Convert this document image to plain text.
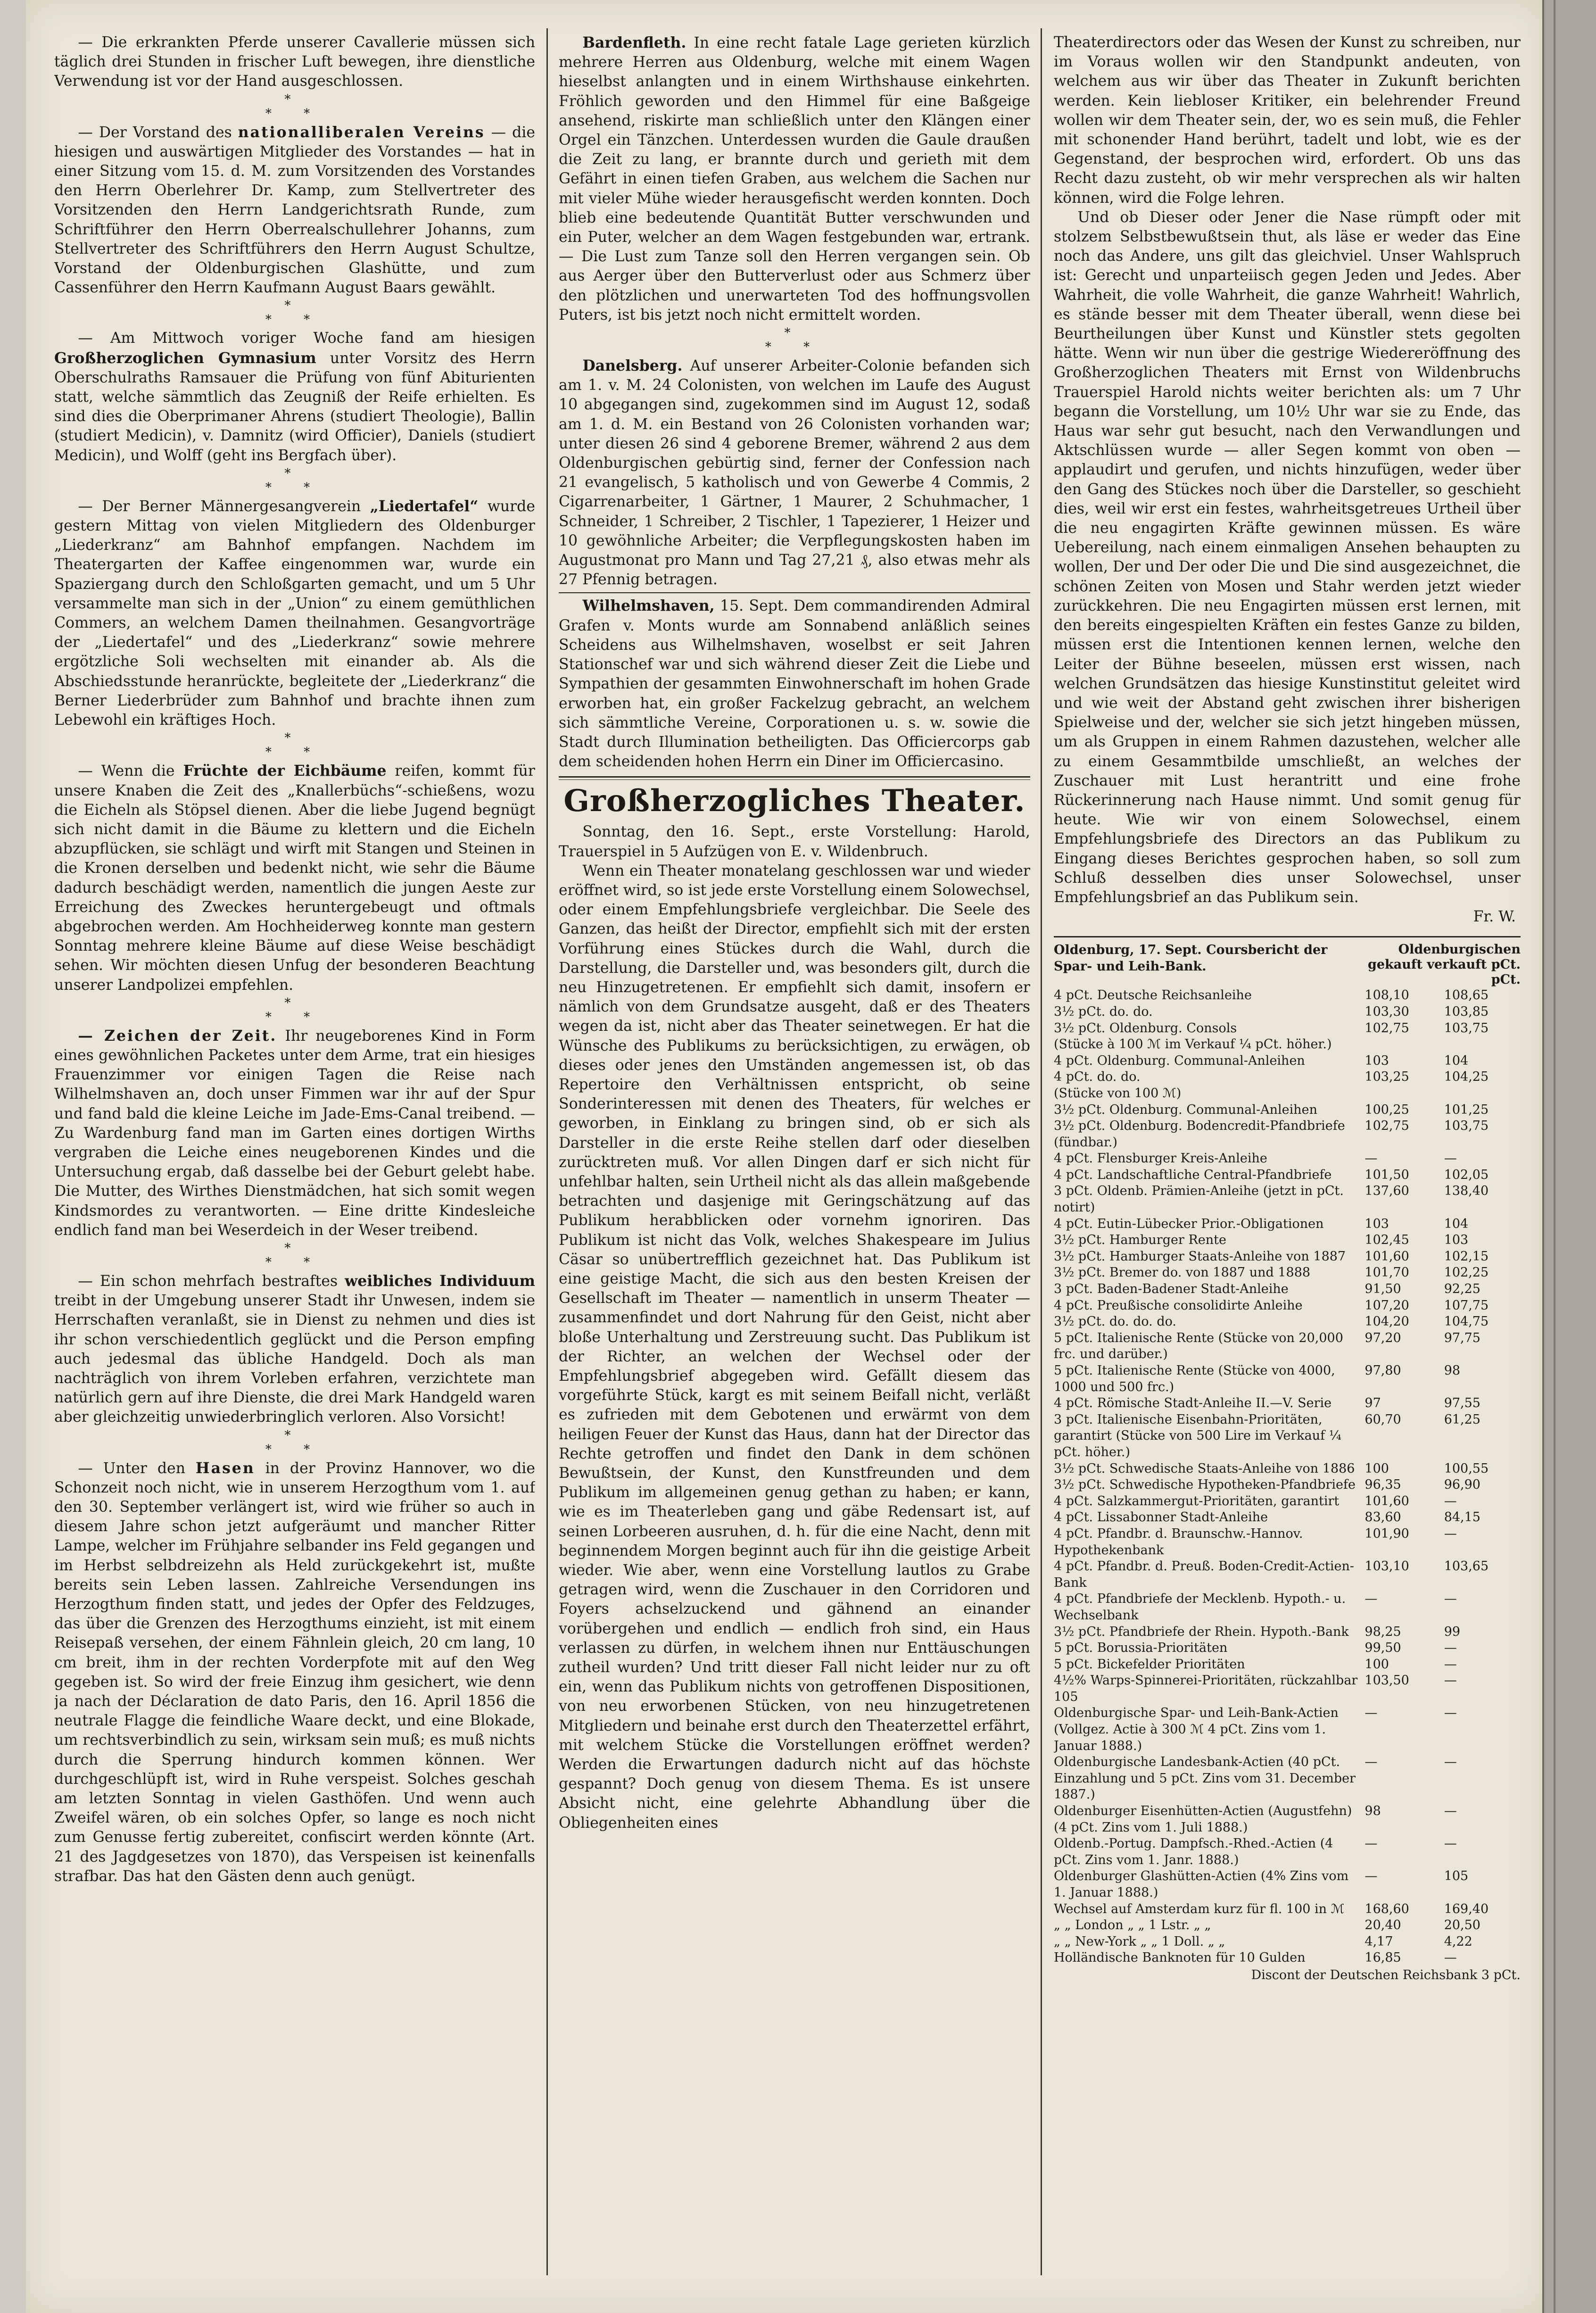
— Die erkrankten Pferde unserer Cavallerie müssen sich täglich drei Stunden in frischer Luft bewegen, ihre dienstliche Verwendung ist vor der Hand ausgeschlossen.

*
* *

— Der Vorstand des nationalliberalen Vereins — die hiesigen und auswärtigen Mitglieder des Vorstandes — hat in einer Sitzung vom 15. d. M. zum Vorsitzenden des Vorstandes den Herrn Oberlehrer Dr. Kamp, zum Stellvertreter des Vorsitzenden den Herrn Landgerichtsrath Runde, zum Schriftführer den Herrn Oberrealschullehrer Johanns, zum Stellvertreter des Schriftführers den Herrn August Schultze, Vorstand der Oldenburgischen Glashütte, und zum Cassenführer den Herrn Kaufmann August Baars gewählt.

*
* *

— Am Mittwoch voriger Woche fand am hiesigen Großherzoglichen Gymnasium unter Vorsitz des Herrn Oberschulraths Ramsauer die Prüfung von fünf Abiturienten statt, welche sämmtlich das Zeugniß der Reife erhielten. Es sind dies die Oberprimaner Ahrens (studiert Theologie), Ballin (studiert Medicin), v. Damnitz (wird Officier), Daniels (studiert Medicin), und Wolff (geht ins Bergfach über).

*
* *

— Der Berner Männergesangverein „Liedertafel“ wurde gestern Mittag von vielen Mitgliedern des Oldenburger „Liederkranz“ am Bahnhof empfangen. Nachdem im Theatergarten der Kaffee eingenommen war, wurde ein Spaziergang durch den Schloßgarten gemacht, und um 5 Uhr versammelte man sich in der „Union“ zu einem gemüthlichen Commers, an welchem Damen theilnahmen. Gesangvorträge der „Liedertafel“ und des „Liederkranz“ sowie mehrere ergötzliche Soli wechselten mit einander ab. Als die Abschiedsstunde heranrückte, begleitete der „Liederkranz“ die Berner Liederbrüder zum Bahnhof und brachte ihnen zum Lebewohl ein kräftiges Hoch.

*
* *

— Wenn die Früchte der Eichbäume reifen, kommt für unsere Knaben die Zeit des „Knallerbüchs“-schießens, wozu die Eicheln als Stöpsel dienen. Aber die liebe Jugend begnügt sich nicht damit in die Bäume zu klettern und die Eicheln abzupflücken, sie schlägt und wirft mit Stangen und Steinen in die Kronen derselben und bedenkt nicht, wie sehr die Bäume dadurch beschädigt werden, namentlich die jungen Aeste zur Erreichung des Zweckes heruntergebeugt und oftmals abgebrochen werden. Am Hochheiderweg konnte man gestern Sonntag mehrere kleine Bäume auf diese Weise beschädigt sehen. Wir möchten diesen Unfug der besonderen Beachtung unserer Landpolizei empfehlen.

*
* *

— Zeichen der Zeit. Ihr neugeborenes Kind in Form eines gewöhnlichen Packetes unter dem Arme, trat ein hiesiges Frauenzimmer vor einigen Tagen die Reise nach Wilhelmshaven an, doch unser Fimmen war ihr auf der Spur und fand bald die kleine Leiche im Jade-Ems-Canal treibend. — Zu Wardenburg fand man im Garten eines dortigen Wirths vergraben die Leiche eines neugeborenen Kindes und die Untersuchung ergab, daß dasselbe bei der Geburt gelebt habe. Die Mutter, des Wirthes Dienstmädchen, hat sich somit wegen Kindsmordes zu verantworten. — Eine dritte Kindesleiche endlich fand man bei Weserdeich in der Weser treibend.

*
* *

— Ein schon mehrfach bestraftes weibliches Individuum treibt in der Umgebung unserer Stadt ihr Unwesen, indem sie Herrschaften veranlaßt, sie in Dienst zu nehmen und dies ist ihr schon verschiedentlich geglückt und die Person empfing auch jedesmal das übliche Handgeld. Doch als man nachträglich von ihrem Vorleben erfahren, verzichtete man natürlich gern auf ihre Dienste, die drei Mark Handgeld waren aber gleichzeitig unwiederbringlich verloren. Also Vorsicht!

*
* *

— Unter den Hasen in der Provinz Hannover, wo die Schonzeit noch nicht, wie in unserem Herzogthum vom 1. auf den 30. September verlängert ist, wird wie früher so auch in diesem Jahre schon jetzt aufgeräumt und mancher Ritter Lampe, welcher im Frühjahre selbander ins Feld gegangen und im Herbst selbdreizehn als Held zurückgekehrt ist, mußte bereits sein Leben lassen. Zahlreiche Versendungen ins Herzogthum finden statt, und jedes der Opfer des Feldzuges, das über die Grenzen des Herzogthums einzieht, ist mit einem Reisepaß versehen, der einem Fähnlein gleich, 20 cm lang, 10 cm breit, ihm in der rechten Vorderpfote mit auf den Weg gegeben ist. So wird der freie Einzug ihm gesichert, wie denn ja nach der Déclaration de dato Paris, den 16. April 1856 die neutrale Flagge die feindliche Waare deckt, und eine Blokade, um rechtsverbindlich zu sein, wirksam sein muß; es muß nichts durch die Sperrung hindurch kommen können. Wer durchgeschlüpft ist, wird in Ruhe verspeist. Solches geschah am letzten Sonntag in vielen Gasthöfen. Und wenn auch Zweifel wären, ob ein solches Opfer, so lange es noch nicht zum Genusse fertig zubereitet, confiscirt werden könnte (Art. 21 des Jagdgesetzes von 1870), das Verspeisen ist keinenfalls strafbar. Das hat den Gästen denn auch genügt.

Bardenfleth. In eine recht fatale Lage gerieten kürzlich mehrere Herren aus Oldenburg, welche mit einem Wagen hieselbst anlangten und in einem Wirthshause einkehrten. Fröhlich geworden und den Himmel für eine Baßgeige ansehend, riskirte man schließlich unter den Klängen einer Orgel ein Tänzchen. Unterdessen wurden die Gaule draußen die Zeit zu lang, er brannte durch und gerieth mit dem Gefährt in einen tiefen Graben, aus welchem die Sachen nur mit vieler Mühe wieder herausgefischt werden konnten. Doch blieb eine bedeutende Quantität Butter verschwunden und ein Puter, welcher an dem Wagen festgebunden war, ertrank. — Die Lust zum Tanze soll den Herren vergangen sein. Ob aus Aerger über den Butterverlust oder aus Schmerz über den plötzlichen und unerwarteten Tod des hoffnungsvollen Puters, ist bis jetzt noch nicht ermittelt worden.

*
* *

Danelsberg. Auf unserer Arbeiter-Colonie befanden sich am 1. v. M. 24 Colonisten, von welchen im Laufe des August 10 abgegangen sind, zugekommen sind im August 12, sodaß am 1. d. M. ein Bestand von 26 Colonisten vorhanden war; unter diesen 26 sind 4 geborene Bremer, während 2 aus dem Oldenburgischen gebürtig sind, ferner der Confession nach 21 evangelisch, 5 katholisch und von Gewerbe 4 Commis, 2 Cigarrenarbeiter, 1 Gärtner, 1 Maurer, 2 Schuhmacher, 1 Schneider, 1 Schreiber, 2 Tischler, 1 Tapezierer, 1 Heizer und 10 gewöhnliche Arbeiter; die Verpflegungskosten haben im Augustmonat pro Mann und Tag 27,21 ₰, also etwas mehr als 27 Pfennig betragen.

Wilhelmshaven, 15. Sept. Dem commandirenden Admiral Grafen v. Monts wurde am Sonnabend anläßlich seines Scheidens aus Wilhelmshaven, woselbst er seit Jahren Stationschef war und sich während dieser Zeit die Liebe und Sympathien der gesammten Einwohnerschaft im hohen Grade erworben hat, ein großer Fackelzug gebracht, an welchem sich sämmtliche Vereine, Corporationen u. s. w. sowie die Stadt durch Illumination betheiligten. Das Officiercorps gab dem scheidenden hohen Herrn ein Diner im Officiercasino.

Großherzogliches Theater.

Sonntag, den 16. Sept., erste Vorstellung: Harold, Trauerspiel in 5 Aufzügen von E. v. Wildenbruch.

Wenn ein Theater monatelang geschlossen war und wieder eröffnet wird, so ist jede erste Vorstellung einem Solowechsel, oder einem Empfehlungsbriefe vergleichbar. Die Seele des Ganzen, das heißt der Director, empfiehlt sich mit der ersten Vorführung eines Stückes durch die Wahl, durch die Darstellung, die Darsteller und, was besonders gilt, durch die neu Hinzugetretenen. Er empfiehlt sich damit, insofern er nämlich von dem Grundsatze ausgeht, daß er des Theaters wegen da ist, nicht aber das Theater seinetwegen. Er hat die Wünsche des Publikums zu berücksichtigen, zu erwägen, ob dieses oder jenes den Umständen angemessen ist, ob das Repertoire den Verhältnissen entspricht, ob seine Sonderinteressen mit denen des Theaters, für welches er geworben, in Einklang zu bringen sind, ob er sich als Darsteller in die erste Reihe stellen darf oder dieselben zurücktreten muß. Vor allen Dingen darf er sich nicht für unfehlbar halten, sein Urtheil nicht als das allein maßgebende betrachten und dasjenige mit Geringschätzung auf das Publikum herabblicken oder vornehm ignoriren. Das Publikum ist nicht das Volk, welches Shakespeare im Julius Cäsar so unübertrefflich gezeichnet hat. Das Publikum ist eine geistige Macht, die sich aus den besten Kreisen der Gesellschaft im Theater — namentlich in unserm Theater — zusammenfindet und dort Nahrung für den Geist, nicht aber bloße Unterhaltung und Zerstreuung sucht. Das Publikum ist der Richter, an welchen der Wechsel oder der Empfehlungsbrief abgegeben wird. Gefällt diesem das vorgeführte Stück, kargt es mit seinem Beifall nicht, verläßt es zufrieden mit dem Gebotenen und erwärmt von dem heiligen Feuer der Kunst das Haus, dann hat der Director das Rechte getroffen und findet den Dank in dem schönen Bewußtsein, der Kunst, den Kunstfreunden und dem Publikum im allgemeinen genug gethan zu haben; er kann, wie es im Theaterleben gang und gäbe Redensart ist, auf seinen Lorbeeren ausruhen, d. h. für die eine Nacht, denn mit beginnendem Morgen beginnt auch für ihn die geistige Arbeit wieder. Wie aber, wenn eine Vorstellung lautlos zu Grabe getragen wird, wenn die Zuschauer in den Corridoren und Foyers achselzuckend und gähnend an einander vorübergehen und endlich — endlich froh sind, ein Haus verlassen zu dürfen, in welchem ihnen nur Enttäuschungen zutheil wurden? Und tritt dieser Fall nicht leider nur zu oft ein, wenn das Publikum nichts von getroffenen Dispositionen, von neu erworbenen Stücken, von neu hinzugetretenen Mitgliedern und beinahe erst durch den Theaterzettel erfährt, mit welchem Stücke die Vorstellungen eröffnet werden? Werden die Erwartungen dadurch nicht auf das höchste gespannt? Doch genug von diesem Thema. Es ist unsere Absicht nicht, eine gelehrte Abhandlung über die Obliegenheiten eines

Theaterdirectors oder das Wesen der Kunst zu schreiben, nur im Voraus wollen wir den Standpunkt andeuten, von welchem aus wir über das Theater in Zukunft berichten werden. Kein liebloser Kritiker, ein belehrender Freund wollen wir dem Theater sein, der, wo es sein muß, die Fehler mit schonender Hand berührt, tadelt und lobt, wie es der Gegenstand, der besprochen wird, erfordert. Ob uns das Recht dazu zusteht, ob wir mehr versprechen als wir halten können, wird die Folge lehren.

Und ob Dieser oder Jener die Nase rümpft oder mit stolzem Selbstbewußtsein thut, als läse er weder das Eine noch das Andere, uns gilt das gleichviel. Unser Wahlspruch ist: Gerecht und unparteiisch gegen Jeden und Jedes. Aber Wahrheit, die volle Wahrheit, die ganze Wahrheit! Wahrlich, es stände besser mit dem Theater überall, wenn diese bei Beurtheilungen über Kunst und Künstler stets gegolten hätte. Wenn wir nun über die gestrige Wiedereröffnung des Großherzoglichen Theaters mit Ernst von Wildenbruchs Trauerspiel Harold nichts weiter berichten als: um 7 Uhr begann die Vorstellung, um 10½ Uhr war sie zu Ende, das Haus war sehr gut besucht, nach den Verwandlungen und Aktschlüssen wurde — aller Segen kommt von oben — applaudirt und gerufen, und nichts hinzufügen, weder über den Gang des Stückes noch über die Darsteller, so geschieht dies, weil wir erst ein festes, wahrheitsgetreues Urtheil über die neu engagirten Kräfte gewinnen müssen. Es wäre Uebereilung, nach einem einmaligen Ansehen behaupten zu wollen, Der und Der oder Die und Die sind ausgezeichnet, die schönen Zeiten von Mosen und Stahr werden jetzt wieder zurückkehren. Die neu Engagirten müssen erst lernen, mit den bereits eingespielten Kräften ein festes Ganze zu bilden, müssen erst die Intentionen kennen lernen, welche den Leiter der Bühne beseelen, müssen erst wissen, nach welchen Grundsätzen das hiesige Kunstinstitut geleitet wird und wie weit der Abstand geht zwischen ihrer bisherigen Spielweise und der, welcher sie sich jetzt hingeben müssen, um als Gruppen in einem Rahmen dazustehen, welcher alle zu einem Gesammtbilde umschließt, an welches der Zuschauer mit Lust herantritt und eine frohe Rückerinnerung nach Hause nimmt. Und somit genug für heute. Wie wir von einem Solowechsel, einem Empfehlungsbriefe des Directors an das Publikum zu Eingang dieses Berichtes gesprochen haben, so soll zum Schluß desselben dies unser Solowechsel, unser Empfehlungsbrief an das Publikum sein.

Fr. W.
Oldenburg, 17. Sept. Coursbericht der Spar- und Leih-Bank.
Oldenburgischen gekauft verkauft pCt. pCt.
4 pCt. Deutsche Reichsanleihe	108,10	108,65
3½ pCt. do. do.	103,30	103,85
3½ pCt. Oldenburg. Consols	102,75	103,75
(Stücke à 100 ℳ im Verkauf ¼ pCt. höher.)		
4 pCt. Oldenburg. Communal-Anleihen	103	104
4 pCt. do. do.	103,25	104,25
(Stücke von 100 ℳ)		
3½ pCt. Oldenburg. Communal-Anleihen	100,25	101,25
3½ pCt. Oldenburg. Bodencredit-Pfandbriefe (fündbar.)	102,75	103,75
4 pCt. Flensburger Kreis-Anleihe	—	—
4 pCt. Landschaftliche Central-Pfandbriefe	101,50	102,05
3 pCt. Oldenb. Prämien-Anleihe (jetzt in pCt. notirt)	137,60	138,40
4 pCt. Eutin-Lübecker Prior.-Obligationen	103	104
3½ pCt. Hamburger Rente	102,45	103
3½ pCt. Hamburger Staats-Anleihe von 1887	101,60	102,15
3½ pCt. Bremer do. von 1887 und 1888	101,70	102,25
3 pCt. Baden-Badener Stadt-Anleihe	91,50	92,25
4 pCt. Preußische consolidirte Anleihe	107,20	107,75
3½ pCt. do. do. do.	104,20	104,75
5 pCt. Italienische Rente (Stücke von 20,000 frc. und darüber.)	97,20	97,75
5 pCt. Italienische Rente (Stücke von 4000, 1000 und 500 frc.)	97,80	98
4 pCt. Römische Stadt-Anleihe II.—V. Serie	97	97,55
3 pCt. Italienische Eisenbahn-Prioritäten, garantirt (Stücke von 500 Lire im Verkauf ¼ pCt. höher.)	60,70	61,25
3½ pCt. Schwedische Staats-Anleihe von 1886	100	100,55
3½ pCt. Schwedische Hypotheken-Pfandbriefe	96,35	96,90
4 pCt. Salzkammergut-Prioritäten, garantirt	101,60	—
4 pCt. Lissabonner Stadt-Anleihe	83,60	84,15
4 pCt. Pfandbr. d. Braunschw.-Hannov. Hypothekenbank	101,90	—
4 pCt. Pfandbr. d. Preuß. Boden-Credit-Actien-Bank	103,10	103,65
4 pCt. Pfandbriefe der Mecklenb. Hypoth.- u. Wechselbank	—	—
3½ pCt. Pfandbriefe der Rhein. Hypoth.-Bank	98,25	99
5 pCt. Borussia-Prioritäten	99,50	—
5 pCt. Bickefelder Prioritäten	100	—
4½% Warps-Spinnerei-Prioritäten, rückzahlbar 105	103,50	—
Oldenburgische Spar- und Leih-Bank-Actien (Vollgez. Actie à 300 ℳ 4 pCt. Zins vom 1. Januar 1888.)	—	—
Oldenburgische Landesbank-Actien (40 pCt. Einzahlung und 5 pCt. Zins vom 31. December 1887.)	—	—
Oldenburger Eisenhütten-Actien (Augustfehn) (4 pCt. Zins vom 1. Juli 1888.)	98	—
Oldenb.-Portug. Dampfsch.-Rhed.-Actien (4 pCt. Zins vom 1. Janr. 1888.)	—	—
Oldenburger Glashütten-Actien (4% Zins vom 1. Januar 1888.)	—	105
Wechsel auf Amsterdam kurz für fl. 100 in ℳ	168,60	169,40
„ „ London „ „ 1 Lstr. „ „	20,40	20,50
„ „ New-York „ „ 1 Doll. „ „	4,17	4,22
Holländische Banknoten für 10 Gulden	16,85	—
Discont der Deutschen Reichsbank 3 pCt.
